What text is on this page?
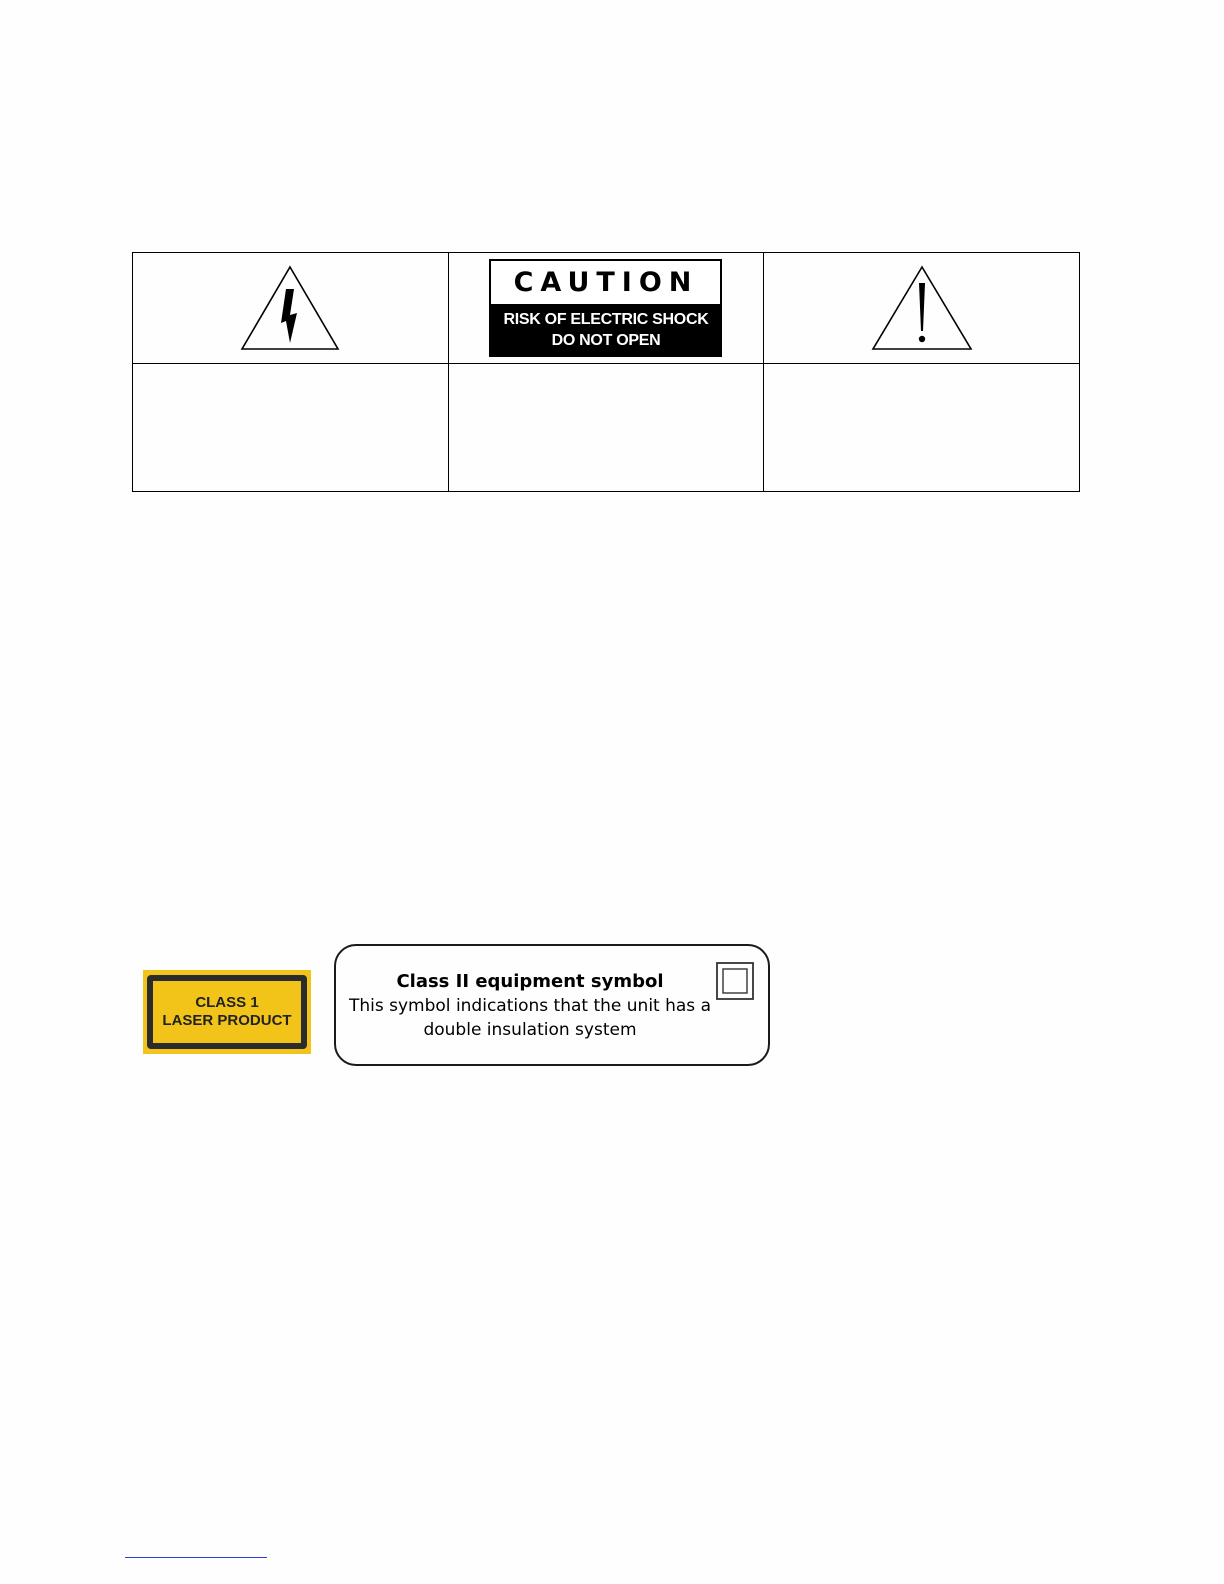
CAUTION
RISK OF ELECTRIC SHOCK
DO NOT OPEN

CLASS 1
LASER PRODUCT
Class II equipment symbol
This symbol indications that the unit has a
double insulation system
